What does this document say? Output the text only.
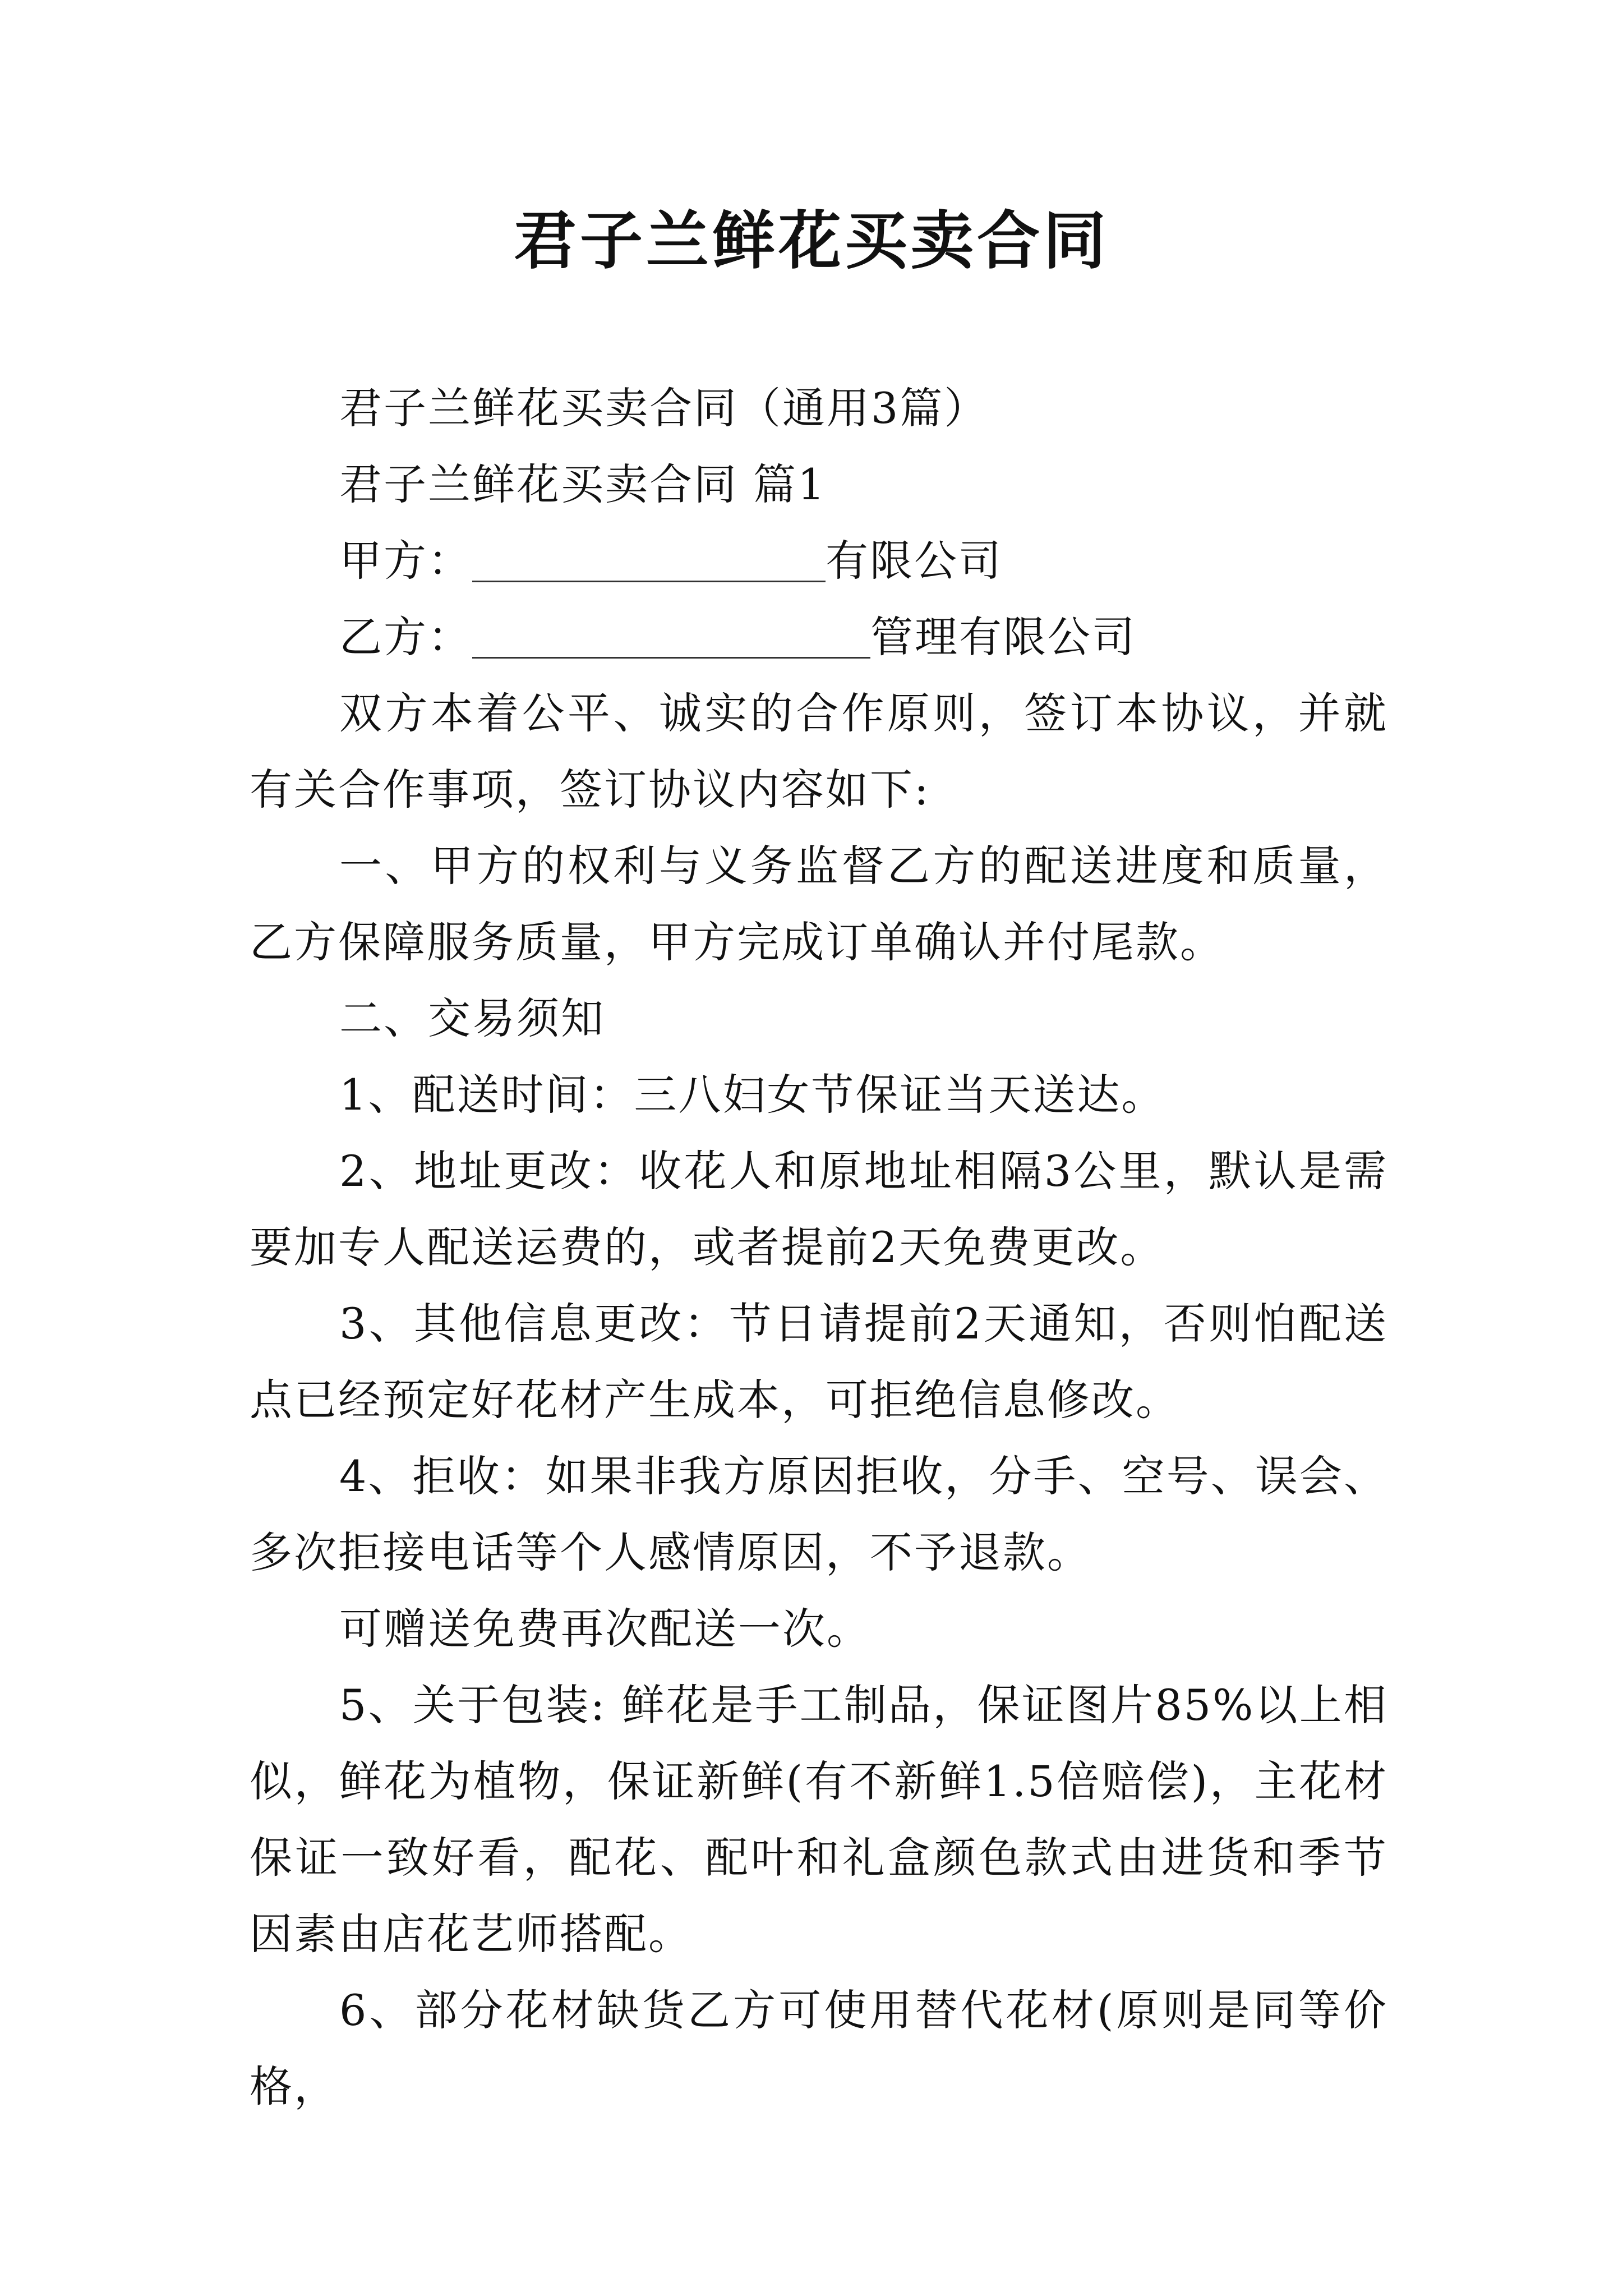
君子兰鲜花买卖合同

君子兰鲜花买卖合同（通用3篇）

君子兰鲜花买卖合同 篇1

甲方：	有限公司

乙方：	管理有限公司

双方本着公平、诚实的合作原则，签订本协议，并就有关合作事项，签订协议内容如下:

一、甲方的权利与义务监督乙方的配送进度和质量，乙方保障服务质量，甲方完成订单确认并付尾款。

二、交易须知

1、配送时间：三八妇女节保证当天送达。

2、地址更改：收花人和原地址相隔3公里，默认是需要加专人配送运费的，或者提前2天免费更改。

3、其他信息更改：节日请提前2天通知，否则怕配送点已经预定好花材产生成本，可拒绝信息修改。

4、拒收：如果非我方原因拒收，分手、空号、误会、多次拒接电话等个人感情原因，不予退款。

可赠送免费再次配送一次。

5、关于包装: 鲜花是手工制品，保证图片85%以上相似，鲜花为植物，保证新鲜(有不新鲜1.5倍赔偿)，主花材保证一致好看，配花、配叶和礼盒颜色款式由进货和季节因素由店花艺师搭配。

6、部分花材缺货乙方可使用替代花材(原则是同等价格，
